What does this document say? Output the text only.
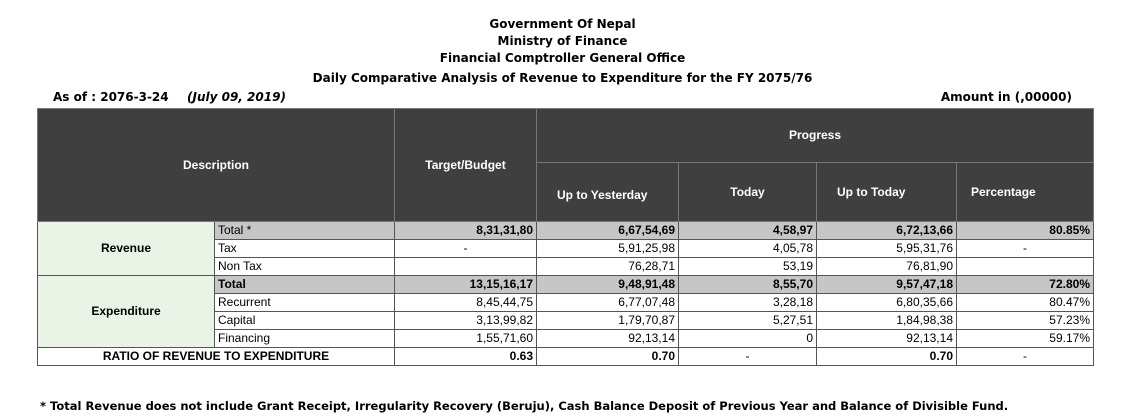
Government Of Nepal
Ministry of Finance
Financial Comptroller General Office
Daily Comparative Analysis of Revenue to Expenditure for the FY 2075/76
As of : 2076-3-24 (July 09, 2019)	Amount in (,00000)
Description		Target/Budget	Progress			
			Up to Yesterday	Today	Up to Today	Percentage
Revenue	Total *	8,31,31,80	6,67,54,69	4,58,97	6,72,13,66	80.85%
	Tax	-	5,91,25,98	4,05,78	5,95,31,76	-
	Non Tax		76,28,71	53,19	76,81,90	
Expenditure	Total	13,15,16,17	9,48,91,48	8,55,70	9,57,47,18	72.80%
	Recurrent	8,45,44,75	6,77,07,48	3,28,18	6,80,35,66	80.47%
	Capital	3,13,99,82	1,79,70,87	5,27,51	1,84,98,38	57.23%
	Financing	1,55,71,60	92,13,14	0	92,13,14	59.17%
RATIO OF REVENUE TO EXPENDITURE		0.63	0.70	-	0.70	-
* Total Revenue does not include Grant Receipt, Irregularity Recovery (Beruju), Cash Balance Deposit of Previous Year and Balance of Divisible Fund.
